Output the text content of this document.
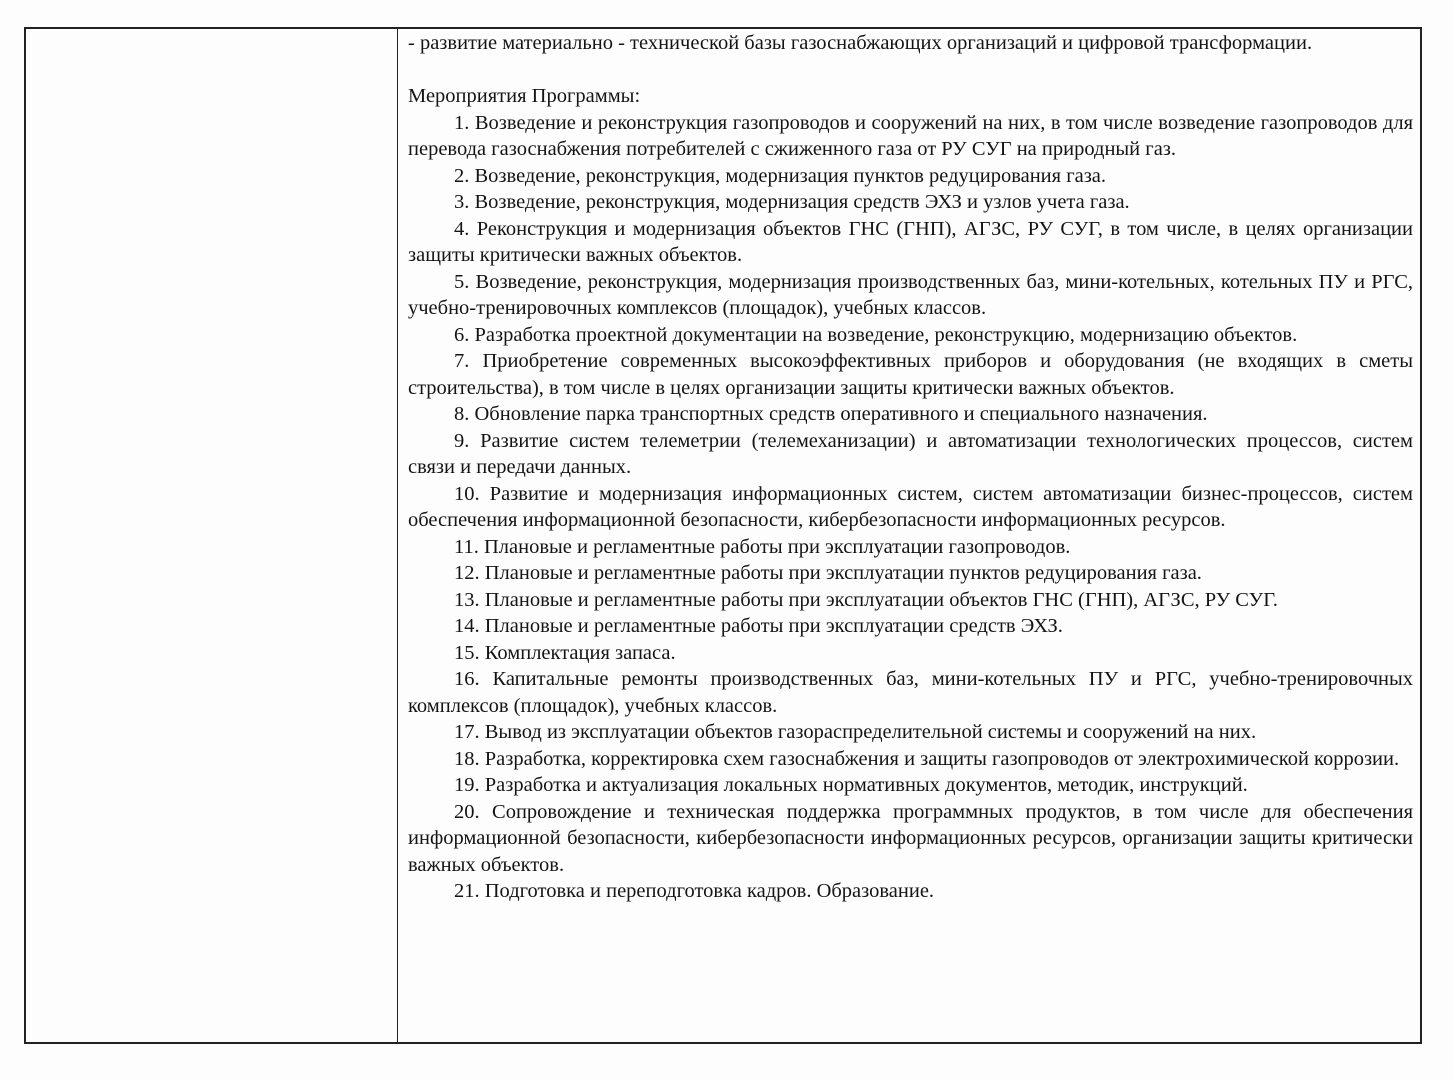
- развитие материально - технической базы газоснабжающих организаций и цифровой трансформации.

Мероприятия Программы:

1. Возведение и реконструкция газопроводов и сооружений на них, в том числе возведение газопроводов для перевода газоснабжения потребителей с сжиженного газа от РУ СУГ на природный газ.

2. Возведение, реконструкция, модернизация пунктов редуцирования газа.

3. Возведение, реконструкция, модернизация средств ЭХЗ и узлов учета газа.

4. Реконструкция и модернизация объектов ГНС (ГНП), АГЗС, РУ СУГ, в том числе, в целях организации защиты критически важных объектов.

5. Возведение, реконструкция, модернизация производственных баз, мини-котельных, котельных ПУ и РГС, учебно-тренировочных комплексов (площадок), учебных классов.

6. Разработка проектной документации на возведение, реконструкцию, модернизацию объектов.

7. Приобретение современных высокоэффективных приборов и оборудования (не входящих в сметы строительства), в том числе в целях организации защиты критически важных объектов.

8. Обновление парка транспортных средств оперативного и специального назначения.

9. Развитие систем телеметрии (телемеханизации) и автоматизации технологических процессов, систем связи и передачи данных.

10. Развитие и модернизация информационных систем, систем автоматизации бизнес-процессов, систем обеспечения информационной безопасности, кибербезопасности информационных ресурсов.

11. Плановые и регламентные работы при эксплуатации газопроводов.

12. Плановые и регламентные работы при эксплуатации пунктов редуцирования газа.

13. Плановые и регламентные работы при эксплуатации объектов ГНС (ГНП), АГЗС, РУ СУГ.

14. Плановые и регламентные работы при эксплуатации средств ЭХЗ.

15. Комплектация запаса.

16. Капитальные ремонты производственных баз, мини-котельных ПУ и РГС, учебно-тренировочных комплексов (площадок), учебных классов.

17. Вывод из эксплуатации объектов газораспределительной системы и сооружений на них.

18. Разработка, корректировка схем газоснабжения и защиты газопроводов от электрохимической коррозии.

19. Разработка и актуализация локальных нормативных документов, методик, инструкций.

20. Сопровождение и техническая поддержка программных продуктов, в том числе для обеспечения информационной безопасности, кибербезопасности информационных ресурсов, организации защиты критически важных объектов.

21. Подготовка и переподготовка кадров. Образование.
